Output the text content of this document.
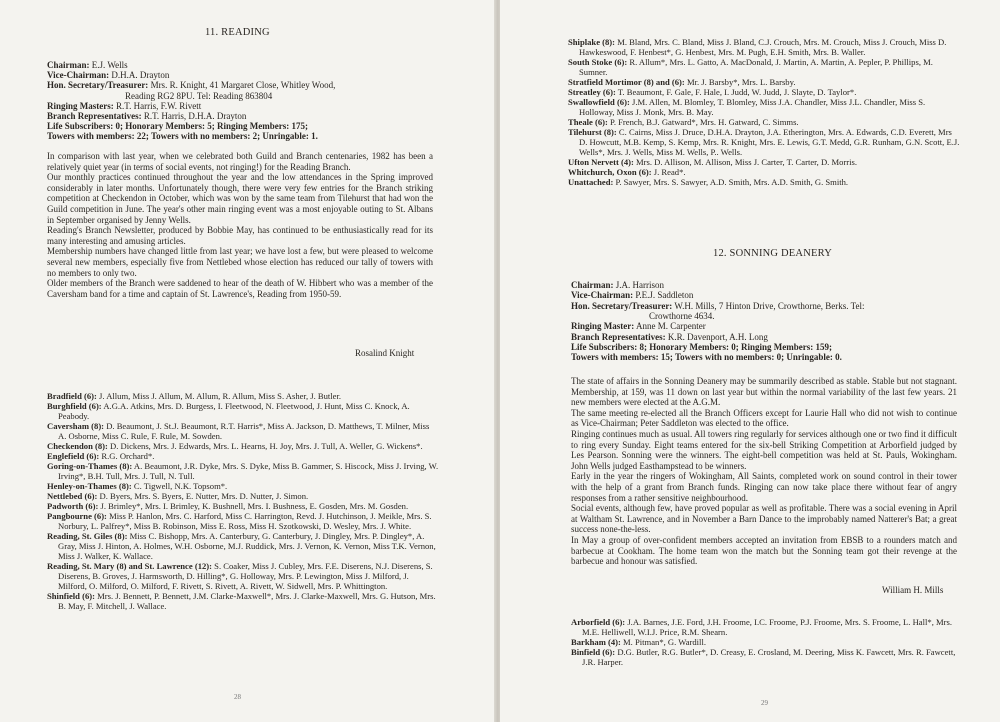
11. READING
Chairman: E.J. Wells
Vice-Chairman: D.H.A. Drayton
Hon. Secretary/Treasurer: Mrs. R. Knight, 41 Margaret Close, Whitley Wood,
Reading RG2 8PU. Tel: Reading 863804
Ringing Masters: R.T. Harris, F.W. Rivett
Branch Representatives: R.T. Harris, D.H.A. Drayton
Life Subscribers: 0; Honorary Members: 5; Ringing Members: 175;
Towers with members: 22; Towers with no members: 2; Unringable: 1.

In comparison with last year, when we celebrated both Guild and Branch centenaries, 1982 has been a relatively quiet year (in terms of social events, not ringing!) for the Reading Branch.

Our monthly practices continued throughout the year and the low attendances in the Spring improved considerably in later months. Unfortunately though, there were very few entries for the Branch striking competition at Checkendon in October, which was won by the same team from Tilehurst that had won the Guild competition in June. The year's other main ringing event was a most enjoyable outing to St. Albans in September organised by Jenny Wells.

Reading's Branch Newsletter, produced by Bobbie May, has continued to be enthusiastically read for its many interesting and amusing articles.

Membership numbers have changed little from last year; we have lost a few, but were pleased to welcome several new members, especially five from Nettlebed whose election has reduced our tally of towers with no members to only two.

Older members of the Branch were saddened to hear of the death of W. Hibbert who was a member of the Caversham band for a time and captain of St. Lawrence's, Reading from 1950-59.

Rosalind Knight

Bradfield (6): J. Allum, Miss J. Allum, M. Allum, R. Allum, Miss S. Asher, J. Butler.

Burghfield (6): A.G.A. Atkins, Mrs. D. Burgess, I. Fleetwood, N. Fleetwood, J. Hunt, Miss C. Knock, A. Peabody.

Caversham (8): D. Beaumont, J. St.J. Beaumont, R.T. Harris*, Miss A. Jackson, D. Matthews, T. Milner, Miss A. Osborne, Miss C. Rule, F. Rule, M. Sowden.

Checkendon (8): D. Dickens, Mrs. J. Edwards, Mrs. L. Hearns, H. Joy, Mrs. J. Tull, A. Weller, G. Wickens*.

Englefield (6): R.G. Orchard*.

Goring-on-Thames (8): A. Beaumont, J.R. Dyke, Mrs. S. Dyke, Miss B. Gammer, S. Hiscock, Miss J. Irving, W. Irving*, B.H. Tull, Mrs. J. Tull, N. Tull.

Henley-on-Thames (8): C. Tigwell, N.K. Topsom*.

Nettlebed (6): D. Byers, Mrs. S. Byers, E. Nutter, Mrs. D. Nutter, J. Simon.

Padworth (6): J. Brimley*, Mrs. I. Brimley, K. Bushnell, Mrs. I. Bushness, E. Gosden, Mrs. M. Gosden.

Pangbourne (6): Miss P. Hanlon, Mrs. C. Harford, Miss C. Harrington, Revd. J. Hutchinson, J. Meikle, Mrs. S. Norbury, L. Palfrey*, Miss B. Robinson, Miss E. Ross, Miss H. Szotkowski, D. Wesley, Mrs. J. White.

Reading, St. Giles (8): Miss C. Bishopp, Mrs. A. Canterbury, G. Canterbury, J. Dingley, Mrs. P. Dingley*, A. Gray, Miss J. Hinton, A. Holmes, W.H. Osborne, M.J. Ruddick, Mrs. J. Vernon, K. Vernon, Miss T.K. Vernon, Miss J. Walker, K. Wallace.

Reading, St. Mary (8) and St. Lawrence (12): S. Coaker, Miss J. Cubley, Mrs. F.E. Diserens, N.J. Diserens, S. Diserens, B. Groves, J. Harmsworth, D. Hilling*, G. Holloway, Mrs. P. Lewington, Miss J. Milford, J. Milford, O. Milford, O. Milford, F. Rivett, S. Rivett, A. Rivett, W. Sidwell, Mrs. P. Whittington.

Shinfield (6): Mrs. J. Bennett, P. Bennett, J.M. Clarke-Maxwell*, Mrs. J. Clarke-Maxwell, Mrs. G. Hutson, Mrs. B. May, F. Mitchell, J. Wallace.

28

Shiplake (8): M. Bland, Mrs. C. Bland, Miss J. Bland, C.J. Crouch, Mrs. M. Crouch, Miss J. Crouch, Miss D. Hawkeswood, F. Henbest*, G. Henbest, Mrs. M. Pugh, E.H. Smith, Mrs. B. Waller.

South Stoke (6): R. Allum*, Mrs. L. Gatto, A. MacDonald, J. Martin, A. Martin, A. Pepler, P. Phillips, M. Sumner.

Stratfield Mortimor (8) and (6): Mr. J. Barsby*, Mrs. L. Barsby.

Streatley (6): T. Beaumont, F. Gale, F. Hale, I. Judd, W. Judd, J. Slayte, D. Taylor*.

Swallowfield (6): J.M. Allen, M. Blomley, T. Blomley, Miss J.A. Chandler, Miss J.L. Chandler, Miss S. Holloway, Miss J. Monk, Mrs. B. May.

Theale (6): P. French, B.J. Gatward*, Mrs. H. Gatward, C. Simms.

Tilehurst (8): C. Cairns, Miss J. Druce, D.H.A. Drayton, J.A. Etherington, Mrs. A. Edwards, C.D. Everett, Mrs D. Howcutt, M.B. Kemp, S. Kemp, Mrs. R. Knight, Mrs. E. Lewis, G.T. Medd, G.R. Runham, G.N. Scott, E.J. Wells*, Mrs. J. Wells, Miss M. Wells, P.. Wells.

Ufton Nervett (4): Mrs. D. Allison, M. Allison, Miss J. Carter, T. Carter, D. Morris.

Whitchurch, Oxon (6): J. Read*.

Unattached: P. Sawyer, Mrs. S. Sawyer, A.D. Smith, Mrs. A.D. Smith, G. Smith.

12. SONNING DEANERY
Chairman: J.A. Harrison
Vice-Chairman: P.E.J. Saddleton
Hon. Secretary/Treasurer: W.H. Mills, 7 Hinton Drive, Crowthorne, Berks. Tel:
Crowthorne 4634.
Ringing Master: Anne M. Carpenter
Branch Representatives: K.R. Davenport, A.H. Long
Life Subscribers: 8; Honorary Members: 0; Ringing Members: 159;
Towers with members: 15; Towers with no members: 0; Unringable: 0.

The state of affairs in the Sonning Deanery may be summarily described as stable. Stable but not stagnant. Membership, at 159, was 11 down on last year but within the normal variability of the last few years. 21 new members were elected at the A.G.M.

The same meeting re-elected all the Branch Officers except for Laurie Hall who did not wish to continue as Vice-Chairman; Peter Saddleton was elected to the office.

Ringing continues much as usual. All towers ring regularly for services although one or two find it difficult to ring every Sunday. Eight teams entered for the six-bell Striking Competition at Arborfield judged by Les Pearson. Sonning were the winners. The eight-bell competition was held at St. Pauls, Wokingham. John Wells judged Easthampstead to be winners.

Early in the year the ringers of Wokingham, All Saints, completed work on sound control in their tower with the help of a grant from Branch funds. Ringing can now take place there without fear of angry responses from a rather sensitive neighbourhood.

Social events, although few, have proved popular as well as profitable. There was a social evening in April at Waltham St. Lawrence, and in November a Barn Dance to the improbably named Natterer's Bat; a great success none-the-less.

In May a group of over-confident members accepted an invitation from EBSB to a rounders match and barbecue at Cookham. The home team won the match but the Sonning team got their revenge at the barbecue and honour was satisfied.

William H. Mills

Arborfield (6): J.A. Barnes, J.E. Ford, J.H. Froome, I.C. Froome, P.J. Froome, Mrs. S. Froome, L. Hall*, Mrs. M.E. Helliwell, W.I.J. Price, R.M. Shearn.

Barkham (4): M. Pitman*, G. Wardill.

Binfield (6): D.G. Butler, R.G. Butler*, D. Creasy, E. Crosland, M. Deering, Miss K. Fawcett, Mrs. R. Fawcett, J.R. Harper.

29
